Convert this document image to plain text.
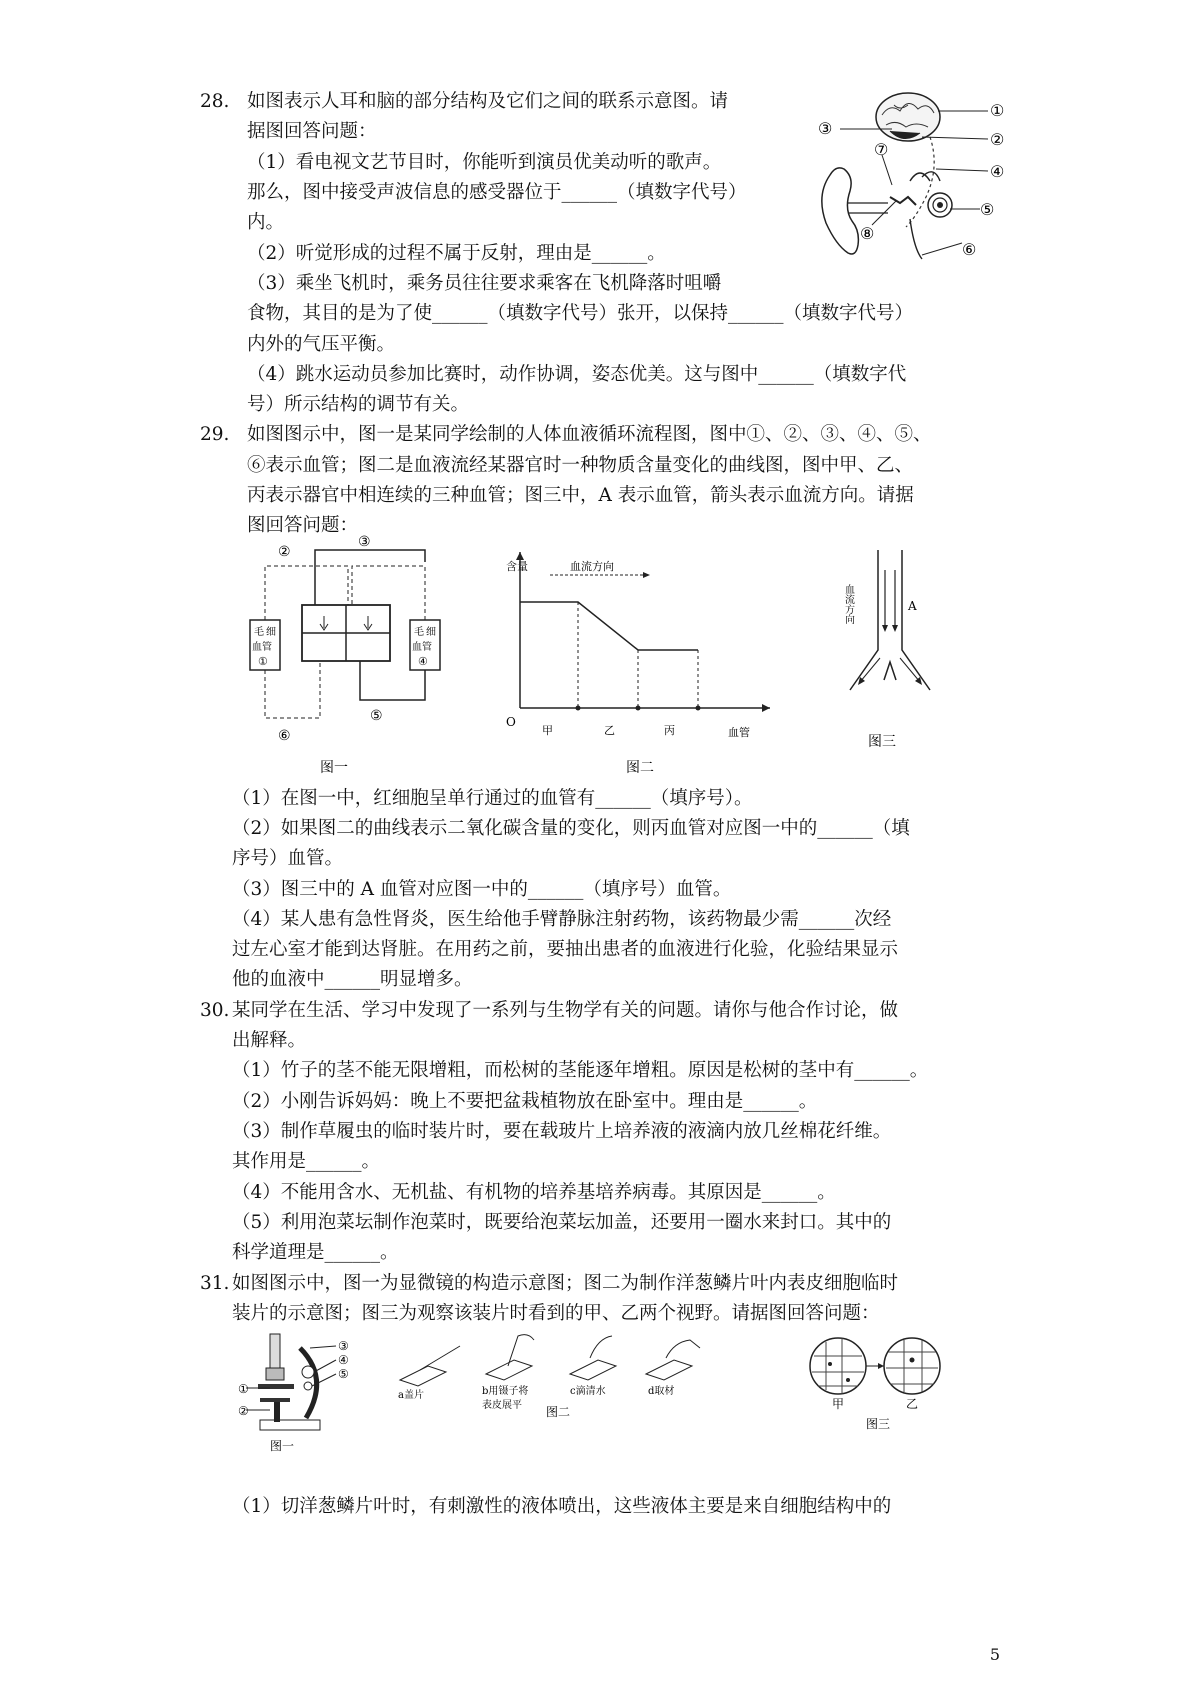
28. 如图表示人耳和脑的部分结构及它们之间的联系示意图。请
据图回答问题：
（1）看电视文艺节目时，你能听到演员优美动听的歌声。
那么，图中接受声波信息的感受器位于______（填数字代号）
内。
（2）听觉形成的过程不属于反射，理由是______。
（3）乘坐飞机时，乘务员往往要求乘客在飞机降落时咀嚼
食物，其目的是为了使______（填数字代号）张开，以保持______（填数字代号）
内外的气压平衡。
（4）跳水运动员参加比赛时，动作协调，姿态优美。这与图中______（填数字代
号）所示结构的调节有关。
①
②
③
④
⑤
⑥
⑦
⑧
29. 如图图示中，图一是某同学绘制的人体血液循环流程图，图中①、②、③、④、⑤、
⑥表示血管；图二是血液流经某器官时一种物质含量变化的曲线图，图中甲、乙、
丙表示器官中相连续的三种血管；图三中，A 表示血管，箭头表示血流方向。请据
图回答问题：
毛 细
血管
①
毛 细
血管
④
②
③
⑤
⑥
图一
含量	血流方向
O
甲	乙	丙	血管
图二
血流方向	A
图三
（1）在图一中，红细胞呈单行通过的血管有______（填序号）。
（2）如果图二的曲线表示二氧化碳含量的变化，则丙血管对应图一中的______（填
序号）血管。
（3）图三中的 A 血管对应图一中的______（填序号）血管。
（4）某人患有急性肾炎，医生给他手臂静脉注射药物，该药物最少需______次经
过左心室才能到达肾脏。在用药之前，要抽出患者的血液进行化验，化验结果显示
他的血液中______明显增多。
30. 某同学在生活、学习中发现了一系列与生物学有关的问题。请你与他合作讨论，做
出解释。
（1）竹子的茎不能无限增粗，而松树的茎能逐年增粗。原因是松树的茎中有______。
（2）小刚告诉妈妈：晚上不要把盆栽植物放在卧室中。理由是______。
（3）制作草履虫的临时装片时，要在载玻片上培养液的液滴内放几丝棉花纤维。
其作用是______。
（4）不能用含水、无机盐、有机物的培养基培养病毒。其原因是______。
（5）利用泡菜坛制作泡菜时，既要给泡菜坛加盖，还要用一圈水来封口。其中的
科学道理是______。
31. 如图图示中，图一为显微镜的构造示意图；图二为制作洋葱鳞片叶内表皮细胞临时
装片的示意图；图三为观察该装片时看到的甲、乙两个视野。请据图回答问题：
①
②
③
④
⑤
图一
a盖片	b用镊子将
表皮展平
c滴清水	d取材
图二
甲	乙
图三
（1）切洋葱鳞片叶时，有刺激性的液体喷出，这些液体主要是来自细胞结构中的
5
